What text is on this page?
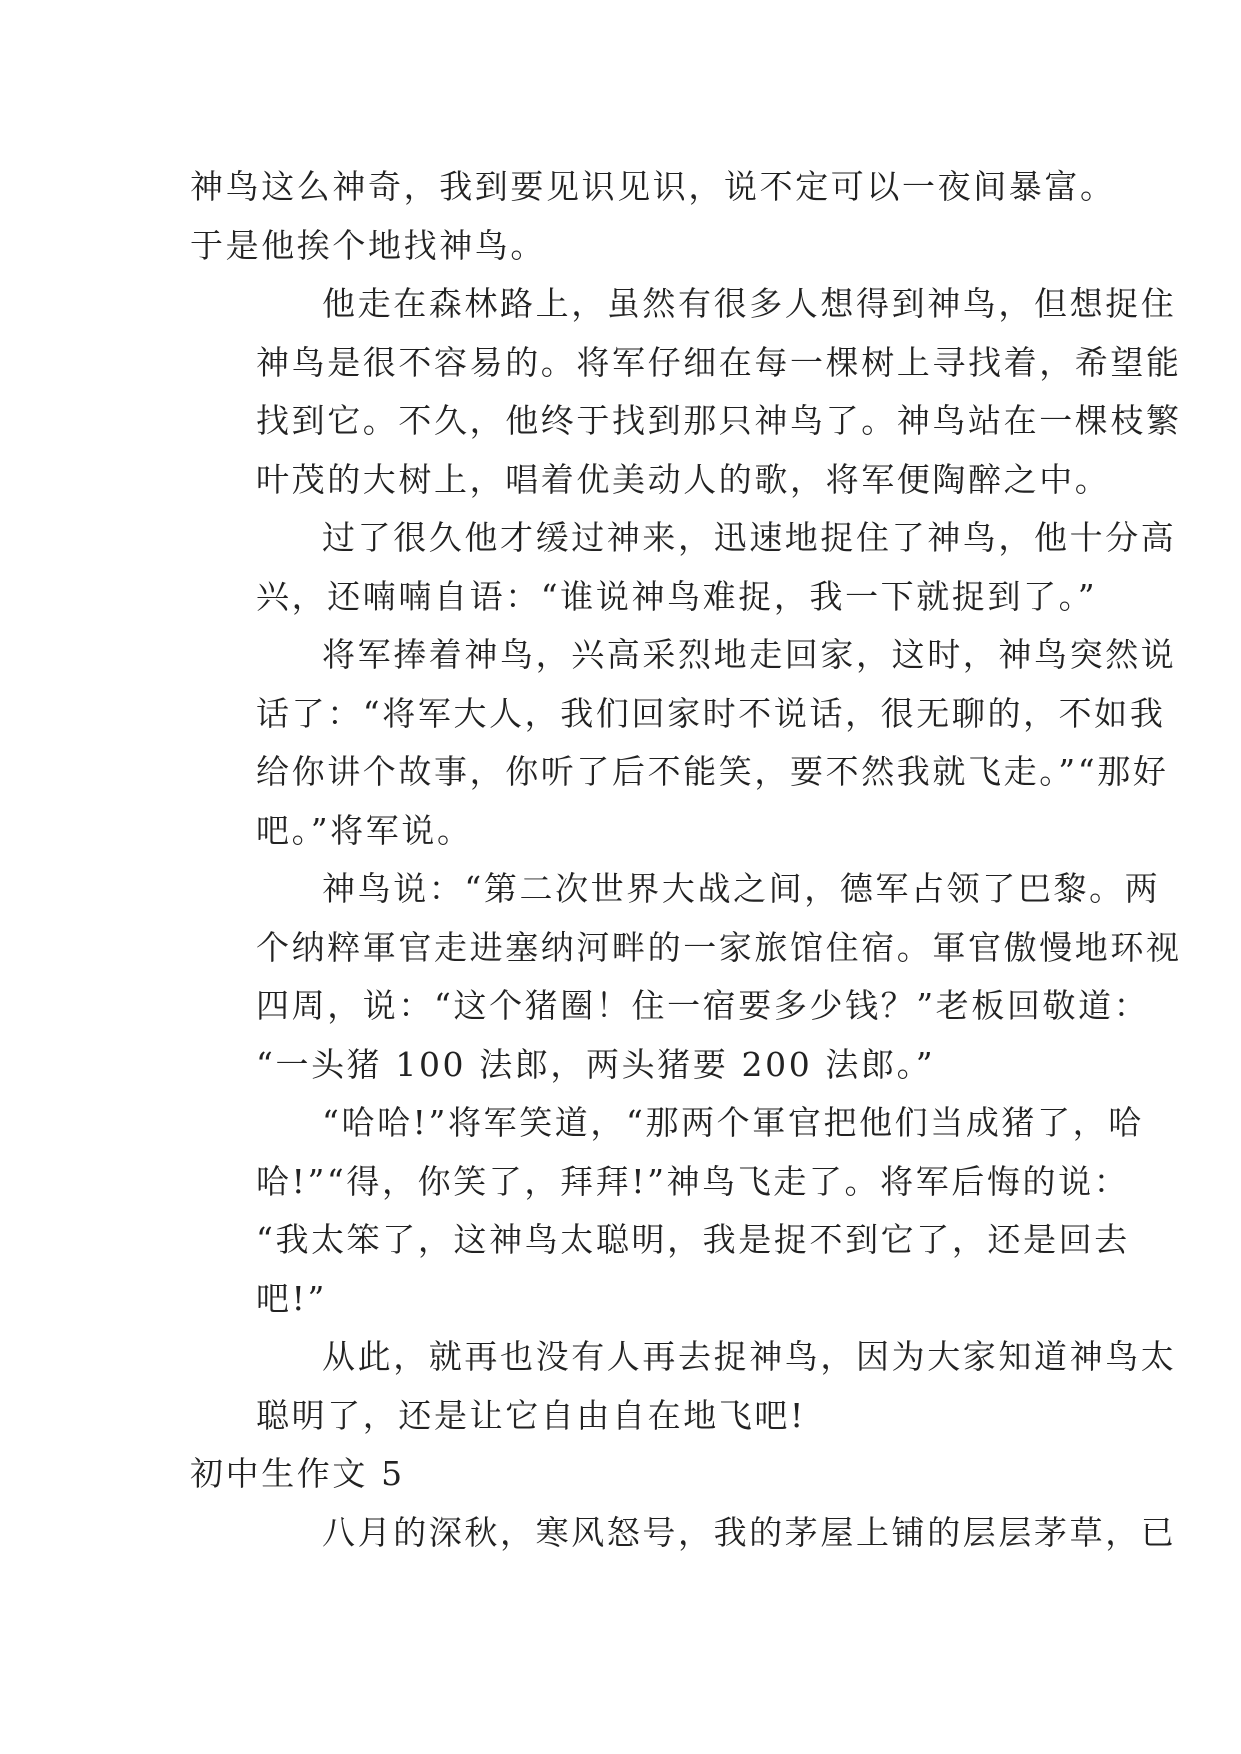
神鸟这么神奇，我到要见识见识，说不定可以一夜间暴富。
于是他挨个地找神鸟。

他走在森林路上，虽然有很多人想得到神鸟，但想捉住
神鸟是很不容易的。将军仔细在每一棵树上寻找着，希望能
找到它。不久，他终于找到那只神鸟了。神鸟站在一棵枝繁
叶茂的大树上，唱着优美动人的歌，将军便陶醉之中。

过了很久他才缓过神来，迅速地捉住了神鸟，他十分高
兴，还喃喃自语：“谁说神鸟难捉，我一下就捉到了。”

将军捧着神鸟，兴高采烈地走回家，这时，神鸟突然说
话了：“将军大人，我们回家时不说话，很无聊的，不如我
给你讲个故事，你听了后不能笑，要不然我就飞走。”“那好
吧。”将军说。

神鸟说：“第二次世界大战之间，德军占领了巴黎。两
个纳粹軍官走进塞纳河畔的一家旅馆住宿。軍官傲慢地环视
四周，说：“这个猪圈！住一宿要多少钱？”老板回敬道：
“一头猪 100 法郎，两头猪要 200 法郎。”

“哈哈!”将军笑道，“那两个軍官把他们当成猪了，哈
哈!”“得，你笑了，拜拜!”神鸟飞走了。将军后悔的说：
“我太笨了，这神鸟太聪明，我是捉不到它了，还是回去
吧!”

从此，就再也没有人再去捉神鸟，因为大家知道神鸟太
聪明了，还是让它自由自在地飞吧!

初中生作文 5

八月的深秋，寒风怒号，我的茅屋上铺的层层茅草，已
